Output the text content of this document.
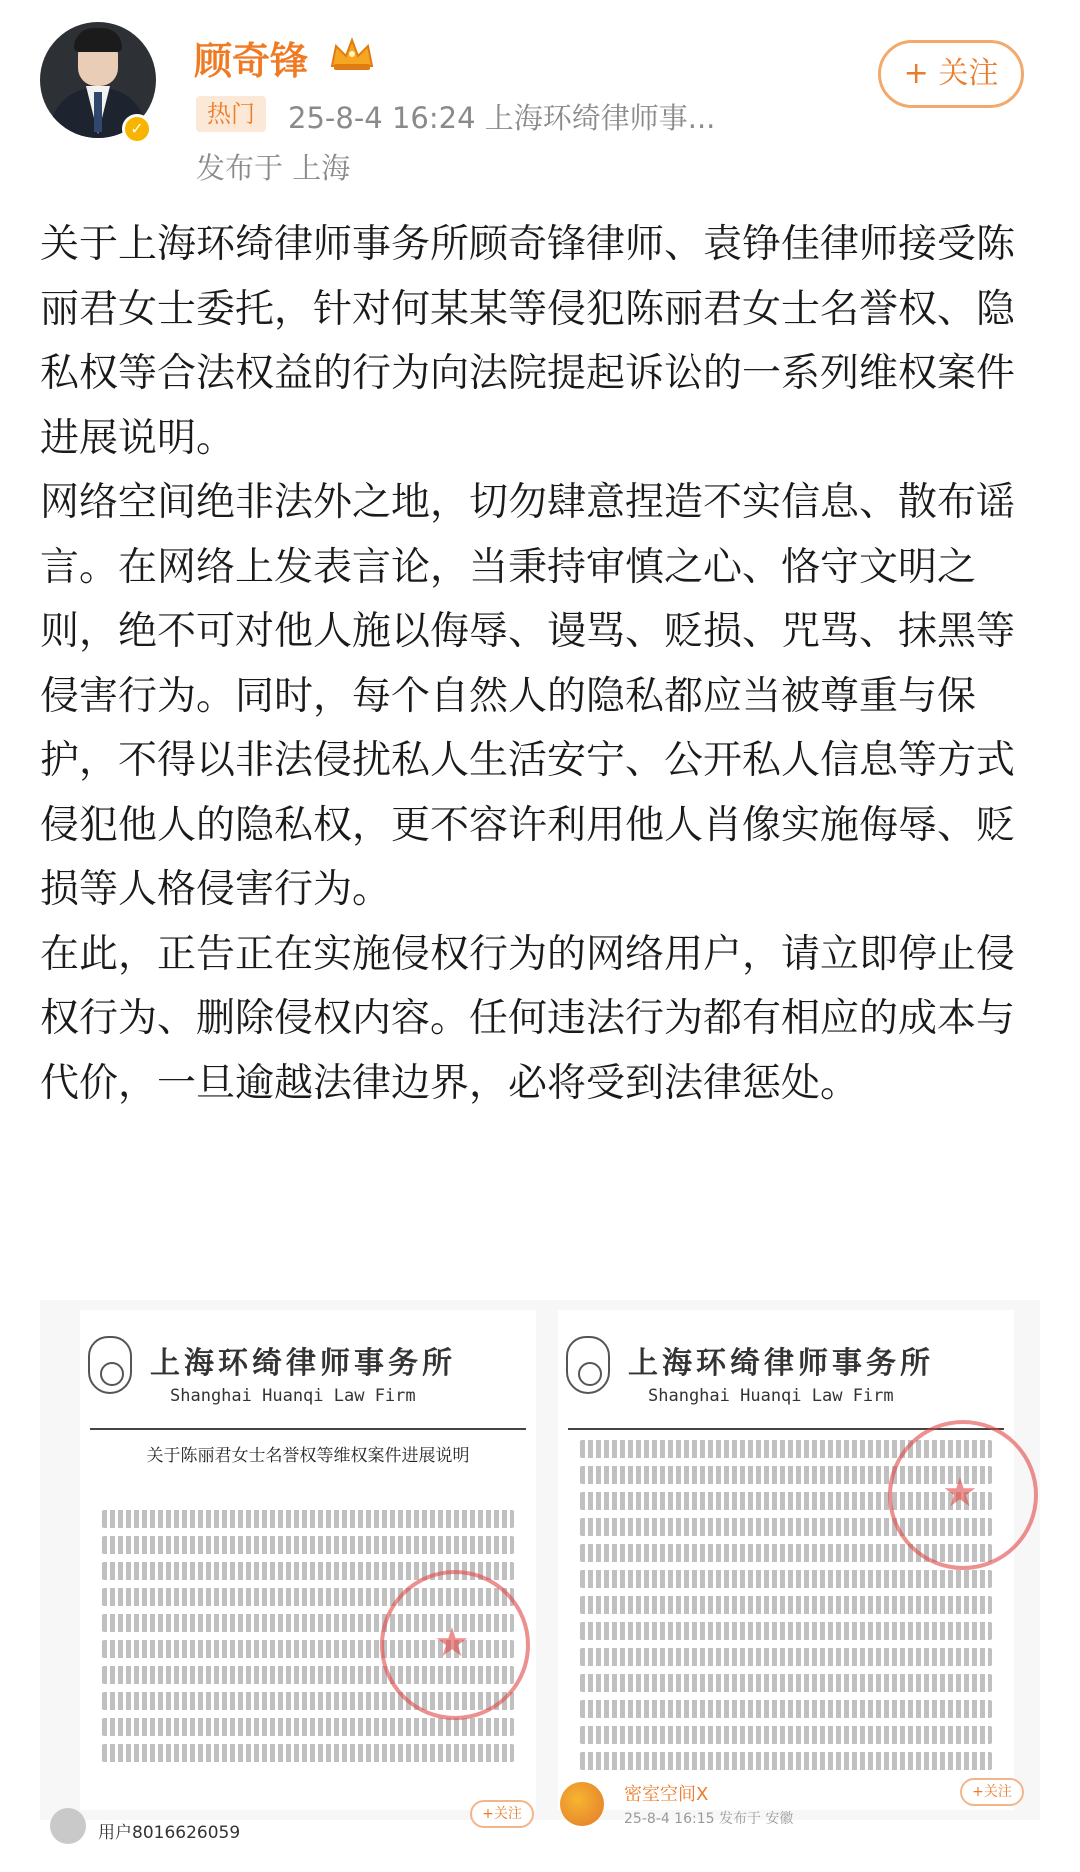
✓
顾奇锋
热门	25-8-4 16:24 上海环绮律师事...
发布于 上海
+ 关注

关于上海环绮律师事务所顾奇锋律师、袁铮佳律师接受陈丽君女士委托，针对何某某等侵犯陈丽君女士名誉权、隐私权等合法权益的行为向法院提起诉讼的一系列维权案件进展说明。

网络空间绝非法外之地，切勿肆意捏造不实信息、散布谣言。在网络上发表言论，当秉持审慎之心、恪守文明之则，绝不可对他人施以侮辱、谩骂、贬损、咒骂、抹黑等侵害行为。同时，每个自然人的隐私都应当被尊重与保护，不得以非法侵扰私人生活安宁、公开私人信息等方式侵犯他人的隐私权，更不容许利用他人肖像实施侮辱、贬损等人格侵害行为。

在此，正告正在实施侵权行为的网络用户，请立即停止侵权行为、删除侵权内容。任何违法行为都有相应的成本与代价，一旦逾越法律边界，必将受到法律惩处。

上海环绮律师事务所
Shanghai Huanqi Law Firm
关于陈丽君女士名誉权等维权案件进展说明
★
上海环绮律师事务所
Shanghai Huanqi Law Firm
★
用户8016626059
+关注
密室空间X
25-8-4 16:15 发布于 安徽
+关注
